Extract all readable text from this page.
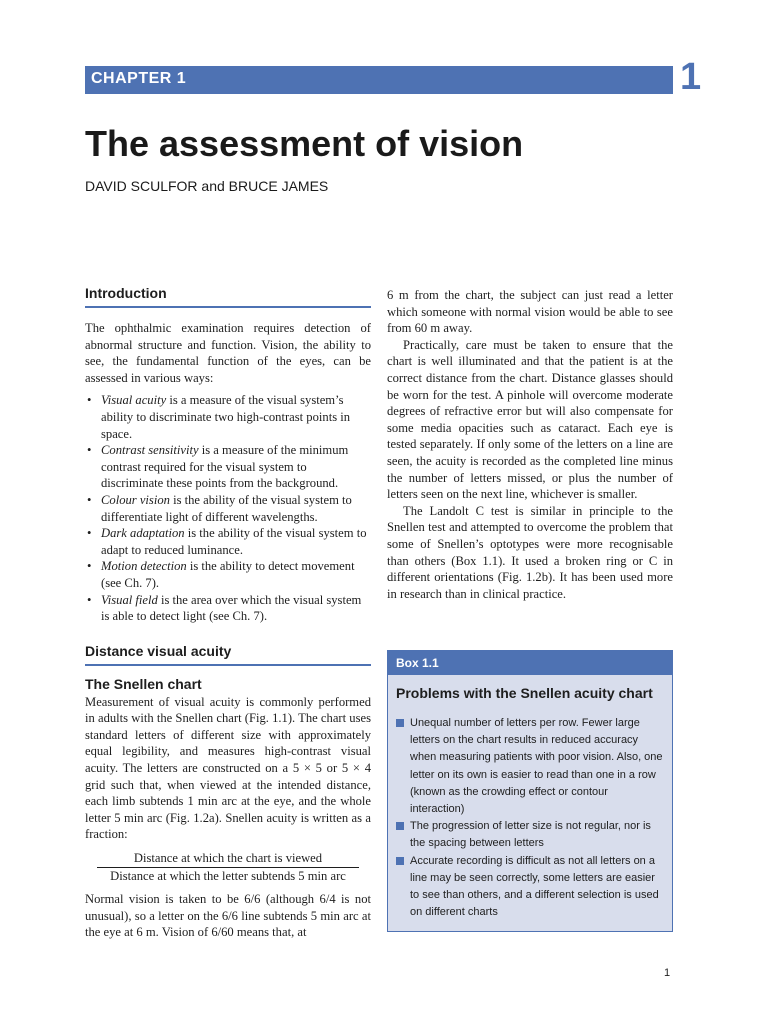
CHAPTER 1	1
The assessment of vision
DAVID SCULFOR and BRUCE JAMES
Introduction

The ophthalmic examination requires detection of abnormal structure and function. Vision, the ability to see, the fundamental function of the eyes, can be assessed in various ways:

• Visual acuity is a measure of the visual system’s ability to discriminate two high-contrast points in space.
• Contrast sensitivity is a measure of the minimum contrast required for the visual system to discriminate these points from the background.
• Colour vision is the ability of the visual system to differentiate light of different wavelengths.
• Dark adaptation is the ability of the visual system to adapt to reduced luminance.
• Motion detection is the ability to detect movement (see Ch. 7).
• Visual field is the area over which the visual system is able to detect light (see Ch. 7).
Distance visual acuity
The Snellen chart

Measurement of visual acuity is commonly performed in adults with the Snellen chart (Fig. 1.1). The chart uses standard letters of different size with approximately equal legibility, and measures high-contrast visual acuity. The letters are constructed on a 5 × 5 or 5 × 4 grid such that, when viewed at the intended distance, each limb subtends 1 min arc at the eye, and the whole letter 5 min arc (Fig. 1.2a). Snellen acuity is written as a fraction:

Distance at which the chart is viewed
Distance at which the letter subtends 5 min arc

Normal vision is taken to be 6/6 (although 6/4 is not unusual), so a letter on the 6/6 line subtends 5 min arc at the eye at 6 m. Vision of 6/60 means that, at

6 m from the chart, the subject can just read a letter which someone with normal vision would be able to see from 60 m away.

Practically, care must be taken to ensure that the chart is well illuminated and that the patient is at the correct distance from the chart. Distance glasses should be worn for the test. A pinhole will overcome moderate degrees of refractive error but will also compensate for some media opacities such as cataract. Each eye is tested separately. If only some of the letters on a line are seen, the acuity is recorded as the completed line minus the number of letters missed, or plus the number of letters seen on the next line, whichever is smaller.

The Landolt C test is similar in principle to the Snellen test and attempted to overcome the problem that some of Snellen’s optotypes were more recognisable than others (Box 1.1). It used a broken ring or C in different orientations (Fig. 1.2b). It has been used more in research than in clinical practice.

Box 1.1
Problems with the Snellen acuity chart
Unequal number of letters per row. Fewer large letters on the chart results in reduced accuracy when measuring patients with poor vision. Also, one letter on its own is easier to read than one in a row (known as the crowding effect or contour interaction)
The progression of letter size is not regular, nor is the spacing between letters
Accurate recording is difficult as not all letters on a line may be seen correctly, some letters are easier to see than others, and a different selection is used on different charts
1
